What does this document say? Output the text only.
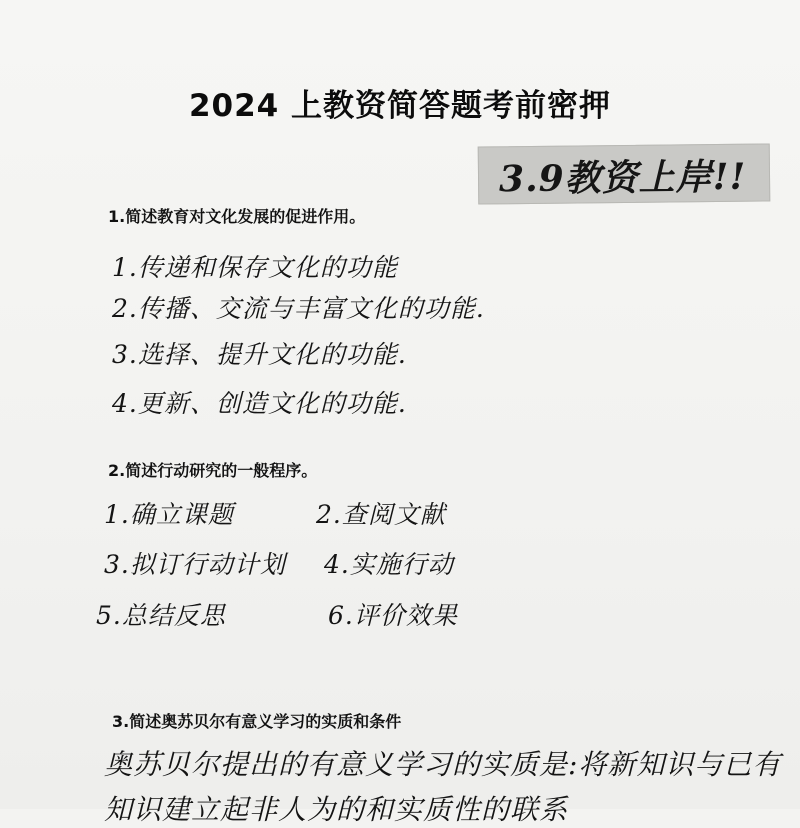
2024 上教资简答题考前密押
3.9教资上岸!!
1.简述教育对文化发展的促进作用。
1.传递和保存文化的功能
2.传播、交流与丰富文化的功能.
3.选择、提升文化的功能.
4.更新、创造文化的功能.
2.简述行动研究的一般程序。
1.确立课题	2.查阅文献
3.拟订行动计划 4.实施行动
5.总结反思	6.评价效果
3.简述奥苏贝尔有意义学习的实质和条件
奥苏贝尔提出的有意义学习的实质是:将新知识与已有
知识建立起非人为的和实质性的联系
